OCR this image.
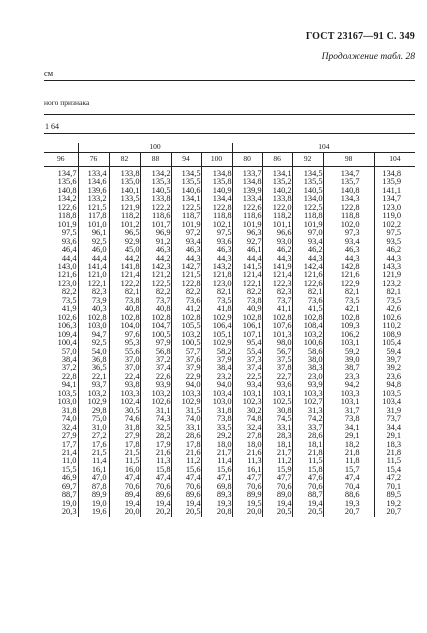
ГОСТ 23167—91 С. 349
Продолжение табл. 28
см
ного признака
1 64
	100					104				
96	76	82	88	94	100	80	86	92	98	104
134,7	133,4	133,8	134,2	134,5	134,8	133,7	134,1	134,5	134,7	134,8
135,6	134,6	135,0	135,3	135,5	135,8	134,8	135,2	135,5	135,7	135,9
140,8	139,6	140,1	140,5	140,6	140,9	139,9	140,2	140,5	140,8	141,1
134,2	133,2	133,5	133,8	134,1	134,4	133,4	133,8	134,0	134,3	134,7
122,6	121,5	121,9	122,2	122,5	122,8	122,6	122,0	122,5	122,8	123,0
118,8	117,8	118,2	118,6	118,7	118,8	118,6	118,2	118,8	118,8	119,0
101,9	101,0	101,2	101,7	101,9	102,1	101,9	101,1	101,9	102,0	102,2
97,5	96,1	96,5	96,9	97,2	97,5	96,3	96,6	97,0	97,3	97,5
93,6	92,5	92,9	91,2	93,4	93,6	92,7	93,0	93,4	93,4	93,5
46,4	46,0	45,0	46,3	46,3	46,3	46,1	46,2	46,2	46,3	46,2
44,4	44,4	44,2	44,2	44,3	44,3	44,4	44,3	44,3	44,3	44,3
143,0	141,4	141,8	142,3	142,7	143,2	141,5	141,9	142,4	142,8	143,3
121,6	121,0	121,4	121,2	121,5	121,8	121,4	121,4	121,6	121,6	121,9
123,0	122,1	122,2	122,5	122,8	123,0	122,1	122,3	122,6	122,9	123,2
82,2	82,3	82,1	82,2	82,2	82,1	82,2	82,3	82,1	82,1	82,1
73,5	73,9	73,8	73,7	73,6	73,5	73,8	73,7	73,6	73,5	73,5
41,9	40,3	40,8	40,8	41,2	41,8	40,9	41,1	41,5	42,1	42,6
102,6	102,8	102,8	102,8	102,8	102,9	102,8	102,8	102,8	102,8	102,6
106,3	103,0	104,0	104,7	105,5	106,4	106,1	107,6	108,4	109,3	110,2
109,4	94,7	97,6	100,5	103,2	105,1	107,1	101,3	103,2	106,2	108,9
100,4	92,5	95,3	97,9	100,5	102,9	95,4	98,0	100,6	103,1	105,4
57,0	54,0	55,6	56,8	57,7	58,2	55,4	56,7	58,6	59,2	59,4
38,4	36,8	37,0	37,2	37,6	37,9	37,3	37,5	38,0	39,0	39,7
37,2	36,5	37,0	37,4	37,9	38,4	37,4	37,8	38,3	38,7	39,2
22,8	22,1	22,4	22,6	22,9	23,2	22,5	22,7	23,0	23,3	23,6
94,1	93,7	93,8	93,9	94,0	94,0	93,4	93,6	93,9	94,2	94,8
103,5	103,2	103,3	103,2	103,3	103,4	103,1	103,1	103,3	103,3	103,5
103,0	102,9	102,4	102,6	102,9	103,0	102,3	102,5	102,7	103,1	103,4
31,8	29,8	30,5	31,1	31,5	31,8	30,2	30,8	31,3	31,7	31,9
74,0	75,0	74,6	74,3	74,0	73,8	74,8	74,5	74,2	73,8	73,7
32,4	31,0	31,8	32,5	33,1	33,5	32,4	33,1	33,7	34,1	34,4
27,9	27,2	27,9	28,2	28,6	29,2	27,8	28,3	28,6	29,1	29,1
17,7	17,6	17,8	17,9	17,8	18,0	18,0	18,1	18,1	18,2	18,3
21,4	21,5	21,5	21,6	21,6	21,7	21,6	21,7	21,8	21,8	21,8
11,0	11,4	11,5	11,3	11,2	11,4	11,3	11,2	11,5	11,8	11,5
15,5	16,1	16,0	15,8	15,6	15,6	16,1	15,9	15,8	15,7	15,4
46,9	47,0	47,4	47,4	47,4	47,1	47,7	47,7	47,6	47,4	47,2
69,7	87,8	70,6	70,6	70,6	69,8	70,6	70,6	70,6	70,4	70,1
88,7	89,9	89,4	89,6	89,6	89,3	89,9	89,0	88,7	88,6	89,5
19,0	19,0	19,4	19,4	19,4	19,3	19,5	19,4	19,4	19,3	19,2
20,3	19,6	20,0	20,2	20,5	20,8	20,0	20,5	20,5	20,7	20,7
